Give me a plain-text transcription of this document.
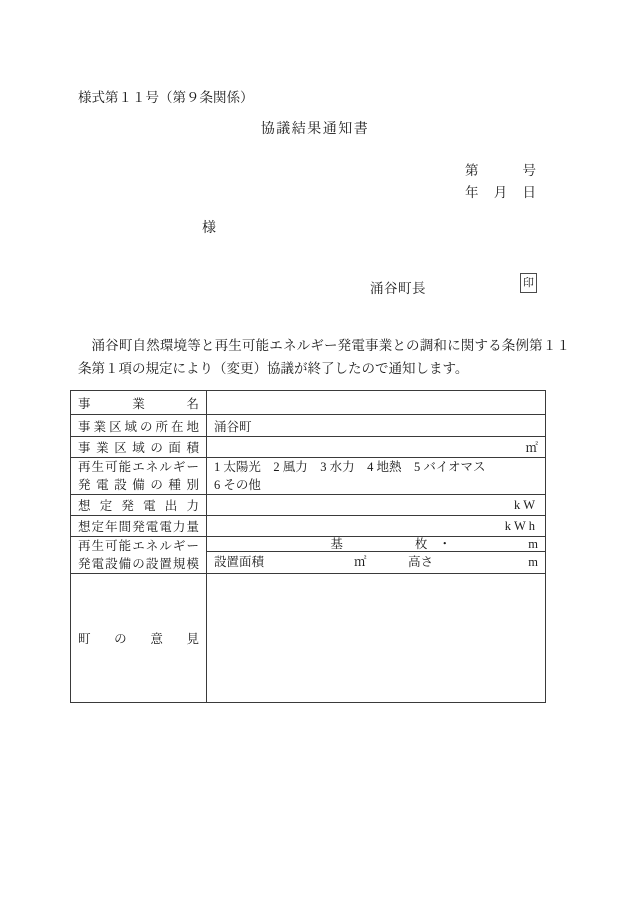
様式第１１号（第９条関係）
協議結果通知書
第	号
年 月 日
様
涌谷町長	印
涌谷町自然環境等と再生可能エネルギー発電事業との調和に関する条例第１１条第１項の規定により（変更）協議が終了したので通知します。
事業名	
事業区域の所在地	涌谷町
事業区域の面積	㎡

再生可能エネルギー
発電設備の種別

1 太陽光　2 風力　3 水力　4 地熱　5 バイオマス
6 その他

想定発電出力	kW
想定年間発電電力量	kWh

再生可能エネルギー
発電設備の設置規模

基	枚 ・	m
設置面積	㎡	高さ	m

町の意見	
